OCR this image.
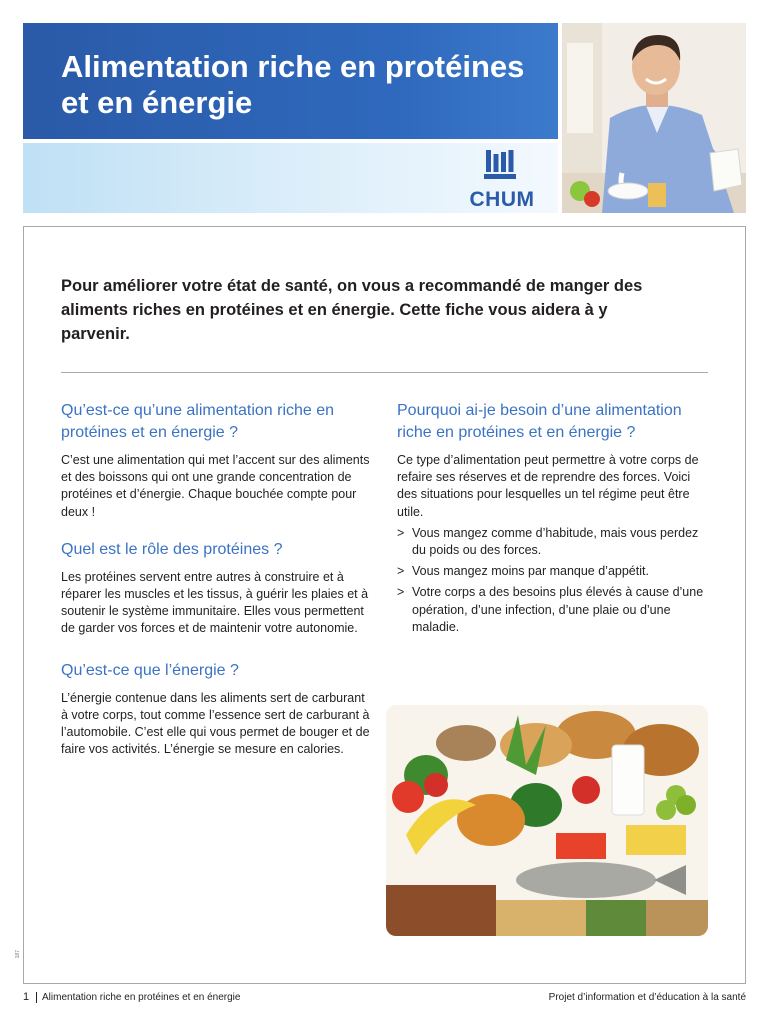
Alimentation riche en protéines et en énergie
CHUM

Pour améliorer votre état de santé, on vous a recommandé de manger des aliments riches en protéines et en énergie. Cette fiche vous aidera à y parvenir.

Qu’est-ce qu’une alimentation riche en protéines et en énergie ?

C’est une alimentation qui met l’accent sur des aliments et des boissons qui ont une grande concentration de protéines et d’énergie. Chaque bouchée compte pour deux !

Quel est le rôle des protéines ?

Les protéines servent entre autres à construire et à réparer les muscles et les tissus, à guérir les plaies et à soutenir le système immunitaire. Elles vous permettent de garder vos forces et de maintenir votre autonomie.

Qu’est-ce que l’énergie ?

L’énergie contenue dans les aliments sert de carburant à votre corps, tout comme l’essence sert de carburant à l’automobile. C’est elle qui vous permet de bouger et de faire vos activités. L’énergie se mesure en calories.

Pourquoi ai-je besoin d’une alimentation riche en protéines et en énergie ?

Ce type d’alimentation peut permettre à votre corps de refaire ses réserves et de reprendre des forces. Voici des situations pour lesquelles un tel régime peut être utile.

> Vous mangez comme d’habitude, mais vous perdez du poids ou des forces.
> Vous mangez moins par manque d’appétit.
> Votre corps a des besoins plus élevés à cause d’une opération, d’une infection, d’une plaie ou d’une maladie.
187
1 Alimentation riche en protéines et en énergie	Projet d’information et d’éducation à la santé
